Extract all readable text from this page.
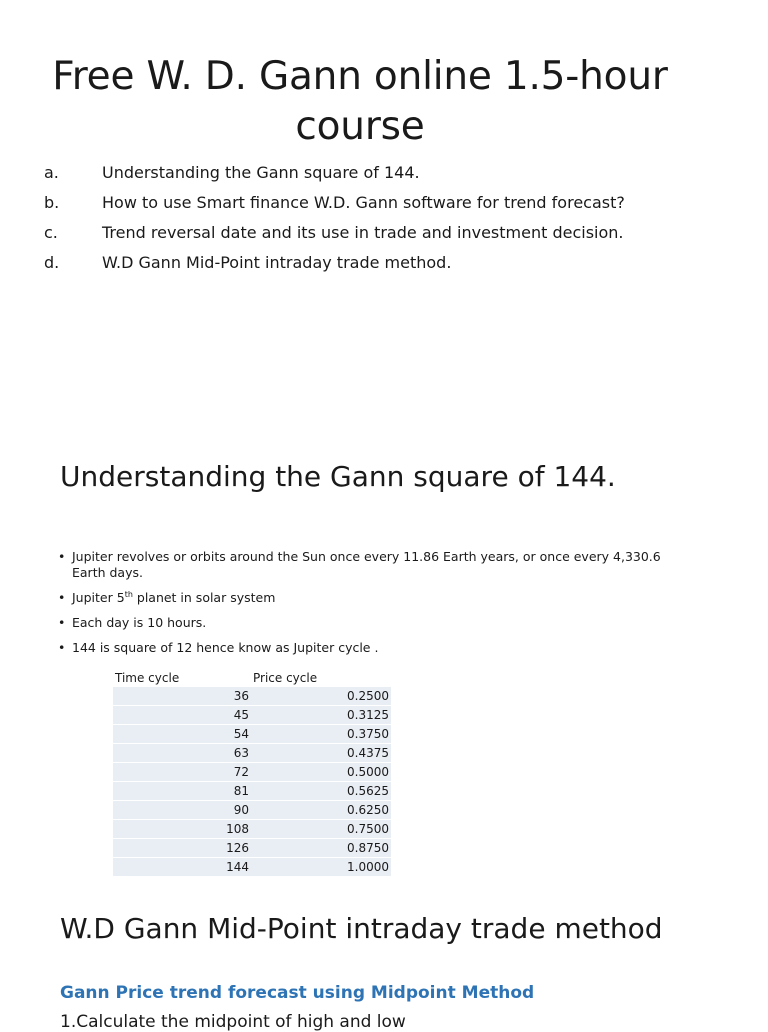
Free W. D. Gann online 1.5-hour course
a.	Understanding the Gann square of 144.
b.	How to use Smart finance W.D. Gann software for trend forecast?
c.	Trend reversal date and its use in trade and investment decision.
d.	W.D Gann Mid-Point intraday trade method.
Understanding the Gann square of 144.
• Jupiter revolves or orbits around the Sun once every 11.86 Earth years, or once every 4,330.6 Earth days.
• Jupiter 5th planet in solar system
• Each day is 10 hours.
• 144 is square of 12 hence know as Jupiter cycle .
Time cycle	Price cycle
36	0.2500
45	0.3125
54	0.3750
63	0.4375
72	0.5000
81	0.5625
90	0.6250
108	0.7500
126	0.8750
144	1.0000
W.D Gann Mid-Point intraday trade method
Gann Price trend forecast using Midpoint Method
1.Calculate the midpoint of high and low
